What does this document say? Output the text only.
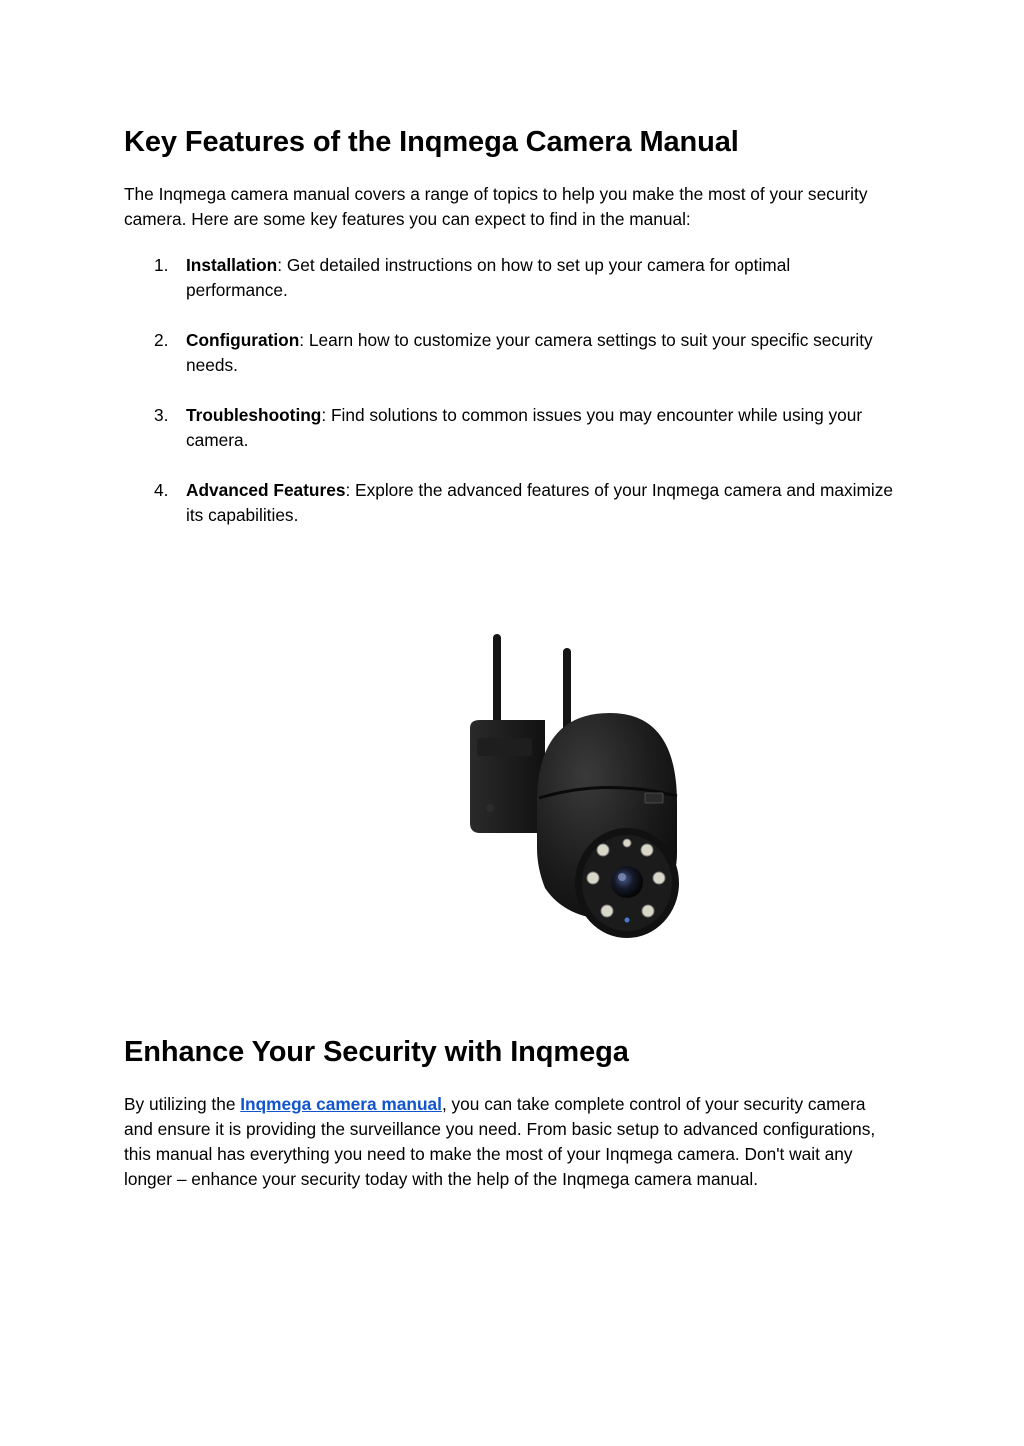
Key Features of the Inqmega Camera Manual

The Inqmega camera manual covers a range of topics to help you make the most of your security camera. Here are some key features you can expect to find in the manual:

1. Installation: Get detailed instructions on how to set up your camera for optimal performance.
2. Configuration: Learn how to customize your camera settings to suit your specific security needs.
3. Troubleshooting: Find solutions to common issues you may encounter while using your camera.
4. Advanced Features: Explore the advanced features of your Inqmega camera and maximize its capabilities.
Enhance Your Security with Inqmega

By utilizing the Inqmega camera manual, you can take complete control of your security camera and ensure it is providing the surveillance you need. From basic setup to advanced configurations, this manual has everything you need to make the most of your Inqmega camera. Don't wait any longer – enhance your security today with the help of the Inqmega camera manual.
